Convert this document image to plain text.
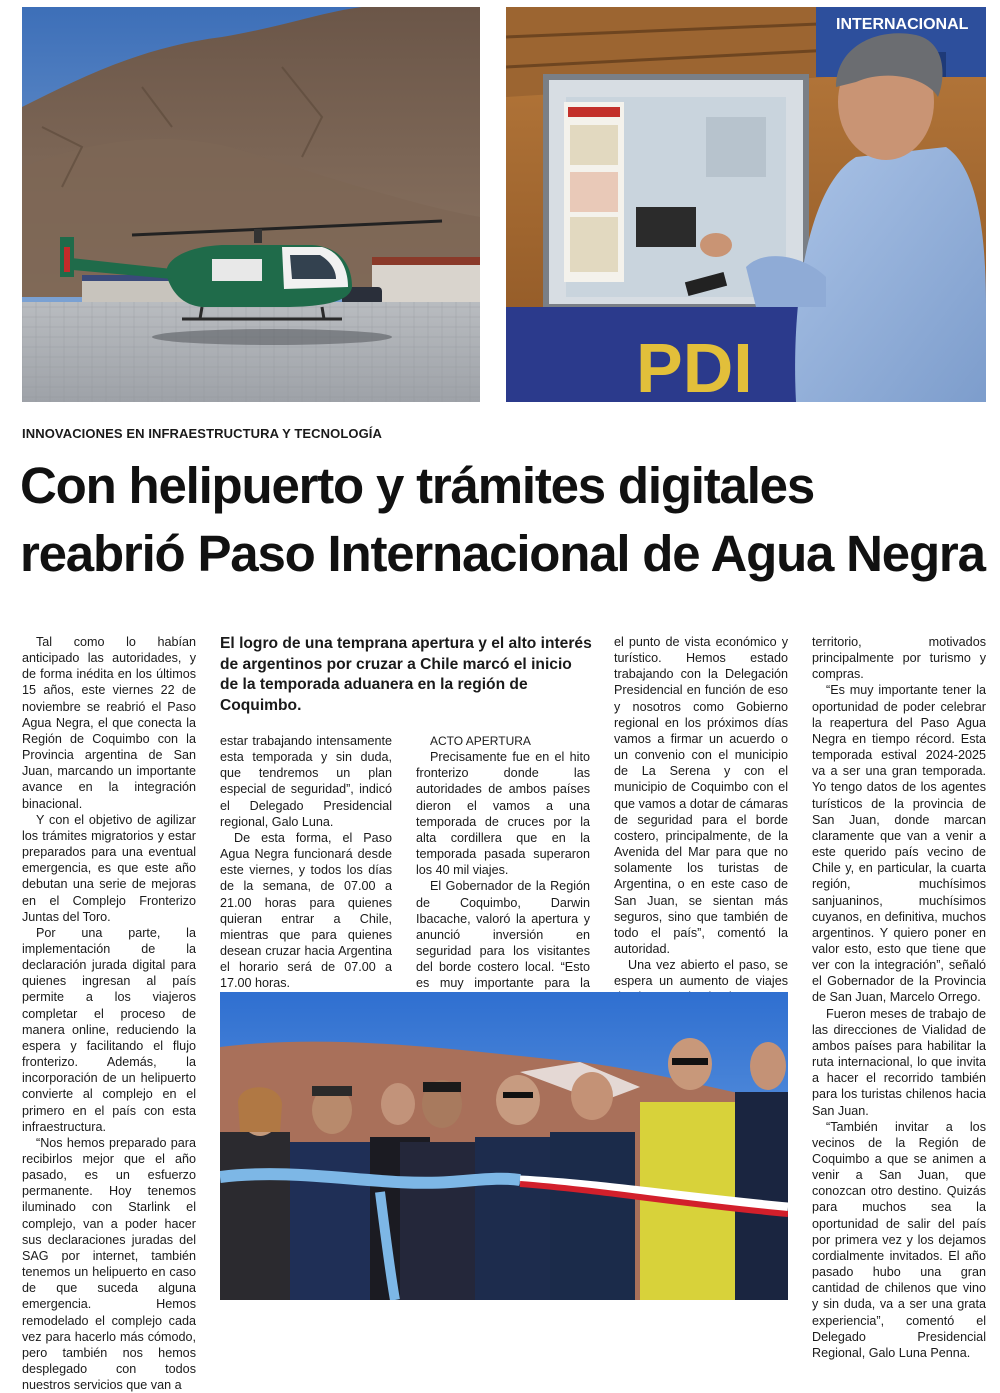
INTERNACIONAL
PDI
INNOVACIONES EN INFRAESTRUCTURA Y TECNOLOGÍA
Con helipuerto y trámites digitales
reabrió Paso Internacional de Agua Negra

Tal como lo habían anticipado las autoridades, y de forma inédita en los últimos 15 años, este viernes 22 de noviembre se reabrió el Paso Agua Negra, el que conecta la Región de Coquimbo con la Provincia argentina de San Juan, marcando un importante avance en la integración binacional.

Y con el objetivo de agilizar los trámites migratorios y estar preparados para una eventual emergencia, es que este año debutan una serie de mejoras en el Complejo Fronterizo Juntas del Toro.

Por una parte, la implementación de la declaración jurada digital para quienes ingresan al país permite a los viajeros completar el proceso de manera online, reduciendo la espera y facilitando el flujo fronterizo. Además, la incorporación de un helipuerto convierte al complejo en el primero en el país con esta infraestructura.

“Nos hemos preparado para recibirlos mejor que el año pasado, es un esfuerzo permanente. Hoy tenemos iluminado con Starlink el complejo, van a poder hacer sus declaraciones juradas del SAG por internet, también tenemos un helipuerto en caso de que suceda alguna emergencia. Hemos remodelado el complejo cada vez para hacerlo más cómodo, pero también nos hemos desplegado con todos nuestros servicios que van a

El logro de una temprana apertura y el alto interés de argentinos por cruzar a Chile marcó el inicio de la temporada aduanera en la región de Coquimbo.

estar trabajando intensamente esta temporada y sin duda, que tendremos un plan especial de seguridad”, indicó el Delegado Presidencial regional, Galo Luna.

De esta forma, el Paso Agua Negra funcionará desde este viernes, y todos los días de la semana, de 07.00 a 21.00 horas para quienes quieran entrar a Chile, mientras que para quienes desean cruzar hacia Argentina el horario será de 07.00 a 17.00 horas.

ACTO APERTURA

Precisamente fue en el hito fronterizo donde las autoridades de ambos países dieron el vamos a una temporada de cruces por la alta cordillera que en la temporada pasada superaron los 40 mil viajes.

El Gobernador de la Región de Coquimbo, Darwin Ibacache, valoró la apertura y anunció inversión en seguridad para los visitantes del borde costero local. “Esto es muy importante para la

el punto de vista económico y turístico. Hemos estado trabajando con la Delegación Presidencial en función de eso y nosotros como Gobierno regional en los próximos días vamos a firmar un acuerdo o un convenio con el municipio de La Serena y con el municipio de Coquimbo con el que vamos a dotar de cámaras de seguridad para el borde costero, principalmente, de la Avenida del Mar para que no solamente los turistas de Argentina, o en este caso de San Juan, se sientan más seguros, sino que también de todo el país”, comentó la autoridad.

Una vez abierto el paso, se espera un aumento de viajes

territorio, motivados principalmente por turismo y compras.

“Es muy importante tener la oportunidad de poder celebrar la reapertura del Paso Agua Negra en tiempo récord. Esta temporada estival 2024-2025 va a ser una gran temporada. Yo tengo datos de los agentes turísticos de la provincia de San Juan, donde marcan claramente que van a venir a este querido país vecino de Chile y, en particular, la cuarta región, muchísimos sanjuaninos, muchísimos cuyanos, en definitiva, muchos argentinos. Y quiero poner en valor esto, esto que tiene que ver con la integración”, señaló el Gobernador de la Provincia de San Juan, Marcelo Orrego.

Fueron meses de trabajo de las direcciones de Vialidad de ambos países para habilitar la ruta internacional, lo que invita a hacer el recorrido también para los turistas chilenos hacia San Juan.

“También invitar a los vecinos de la Región de Coquimbo a que se animen a venir a San Juan, que conozcan otro destino. Quizás para muchos sea la oportunidad de salir del país por primera vez y los dejamos cordialmente invitados. El año pasado hubo una gran cantidad de chilenos que vino y sin duda, va a ser una grata experiencia”, comentó el Delegado Presidencial Regional, Galo Luna Penna.
